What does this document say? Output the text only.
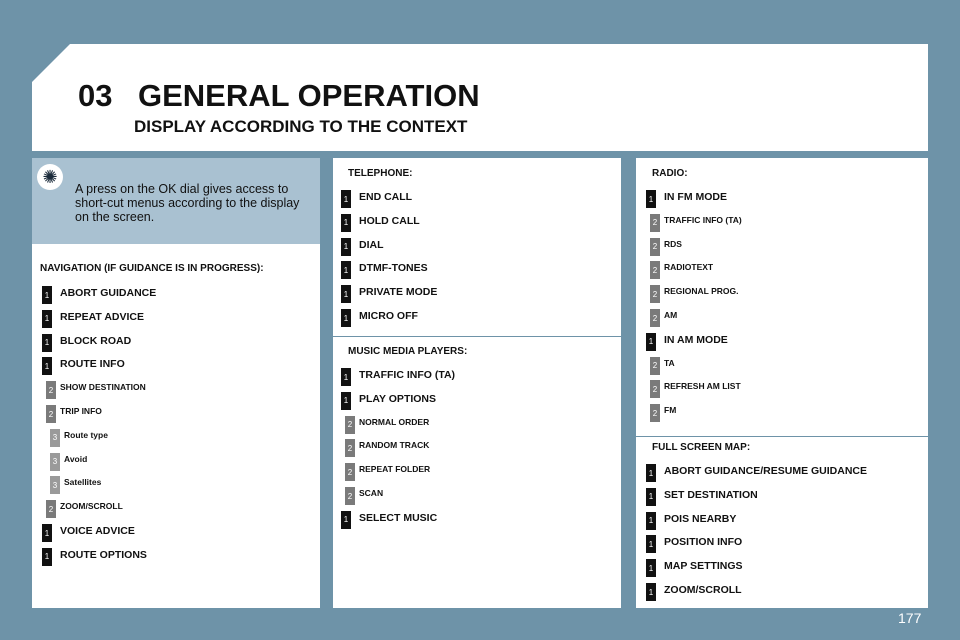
03 GENERAL OPERATION
DISPLAY ACCORDING TO THE CONTEXT
✺
A press on the OK dial gives access to short-cut menus according to the display on the screen.
NAVIGATION (IF GUIDANCE IS IN PROGRESS):
1 ABORT GUIDANCE
1 REPEAT ADVICE
1 BLOCK ROAD
1 ROUTE INFO
2 SHOW DESTINATION
2 TRIP INFO
3 Route type
3 Avoid
3 Satellites
2 ZOOM/SCROLL
1 VOICE ADVICE
1 ROUTE OPTIONS
TELEPHONE:
1 END CALL
1 HOLD CALL
1 DIAL
1 DTMF-TONES
1 PRIVATE MODE
1 MICRO OFF
MUSIC MEDIA PLAYERS:
1 TRAFFIC INFO (TA)
1 PLAY OPTIONS
2 NORMAL ORDER
2 RANDOM TRACK
2 REPEAT FOLDER
2 SCAN
1 SELECT MUSIC
RADIO:
1 IN FM MODE
2 TRAFFIC INFO (TA)
2 RDS
2 RADIOTEXT
2 REGIONAL PROG.
2 AM
1 IN AM MODE
2 TA
2 REFRESH AM LIST
2 FM
FULL SCREEN MAP:
1 ABORT GUIDANCE/RESUME GUIDANCE
1 SET DESTINATION
1 POIS NEARBY
1 POSITION INFO
1 MAP SETTINGS
1 ZOOM/SCROLL
177
